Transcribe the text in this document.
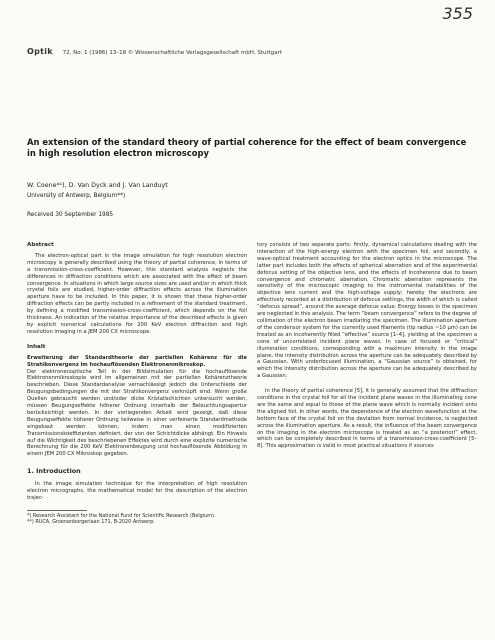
355
Optik 72, No. 1 (1986) 13–18 © Wissenschaftliche Verlagsgesellschaft mbH, Stuttgart
An extension of the standard theory of partial coherence for the effect of beam convergence in high resolution electron microscopy
W. Coene*¹), D. Van Dyck and J. Van Landuyt
University of Antwerp, Belgium**)
Received 30 September 1985
Abstract

The electron-optical part in the image simulation for high resolution electron microscopy is generally described using the theory of partial coherence, in terms of a transmission-cross-coefficient. However, this standard analysis neglects the differences in diffraction conditions which are associated with the effect of beam convergence. In situations in which large source sizes are used and/or in which thick crystal foils are studied, higher-order diffraction effects across the illumination aperture have to be included. In this paper, it is shown that these higher-order diffraction effects can be partly included in a refinement of the standard treatment, by defining a modified transmission-cross-coefficient, which depends on the foil thickness. An indication of the relative importance of the described effects is given by explicit numerical calculations for 200 KeV electron diffraction and high resolution imaging in a JEM 200 CX microscope.

Inhalt

Erweiterung der Standardtheorie der partiellen Kohärenz für die Strahlkonvergenz im hochauflösenden Elektronenmikroskop.

Der elektronenoptische Teil in der Bildsimulation für die hochauflösende Elektronenmikroskopie wird im allgemeinen mit der partiellen Kohärenztheorie beschrieben. Diese Standardanalyse vernachlässigt jedoch die Unterschiede der Beugungsbedingungen die mit der Strahlkonvergenz verknüpft sind. Wenn große Quellen gebraucht werden und/oder dicke Kristallschichten untersucht werden, müssen Beugungseffekte höherer Ordnung innerhalb der Beleuchtungsapertur berücksichtigt werden. In der vorliegenden Arbeit wird gezeigt, daß diese Beugungseffekte höherer Ordnung teilweise in einer verfeinerte Standardmethode eingebaut werden können, indem man einen modifizierten Transmissionskoeffizienten definiert, der von der Schichtdicke abhängt. Ein Hinweis auf die Wichtigkeit des beschriebenen Effektes wird durch eine explizite numerische Berechnung für die 200 KeV Elektronenbeugung und hochauflösende Abbildung in einem JEM 200 CX Mikroskop gegeben.

1. Introduction

In the image simulation technique for the interpretation of high resolution electron micrographs, the mathematical model for the description of the electron trajec-

*) Research Assistant for the National Fund for Scientific Research (Belgium).

**) RUCA, Groenenborgerlaan 171, B-2020 Antwerp.

tory consists of two separate parts: firstly, dynamical calculations dealing with the interaction of the high-energy electron with the specimen foil, and secondly, a wave-optical treatment accounting for the electron optics in the microscope. The latter part includes both the effects of spherical aberration and of the experimental defocus setting of the objective lens, and the effects of incoherence due to beam convergence and chromatic aberration. Chromatic aberration represents the sensitivity of the microscopic imaging to the instrumental instabilities of the objective lens current and the high-voltage supply; hereby the electrons are effectively recorded at a distribution of defocus settings, the width of which is called “defocus spread”, around the average defocus value. Energy losses in the specimen are neglected in this analysis. The term “beam convergence” refers to the degree of collimation of the electron beam irradiating the specimen. The illumination aperture of the condensor system for the currently used filaments (tip radius ~10 µm) can be treated as an incoherently filled “effective” source [1–4], yielding at the specimen a cone of uncorrelated incident plane waves. In case of focused or “critical” illumination conditions, corresponding with a maximum intensity in the image plane, the intensity distribution across the aperture can be adequately described by a Gaussian. With underfocused illumination, a “Gaussian source” is obtained, for which the intensity distribution across the aperture can be adequately described by a Gaussian.

In the theory of partial coherence [5], it is generally assumed that the diffraction conditions in the crystal foil for all the incident plane waves in the illuminating cone are the same and equal to those of the plane wave which is normally incident onto the aligned foil. In other words, the dependence of the electron wavefunction at the bottom face of the crystal foil on the deviation from normal incidence, is neglected across the illumination aperture. As a result, the influence of the beam convergence on the imaging in the electron microscope is treated as an “a posteriori” effect, which can be completely described in terms of a transmission-cross-coefficient [5–8]. This approximation is valid in most practical situations if sources
